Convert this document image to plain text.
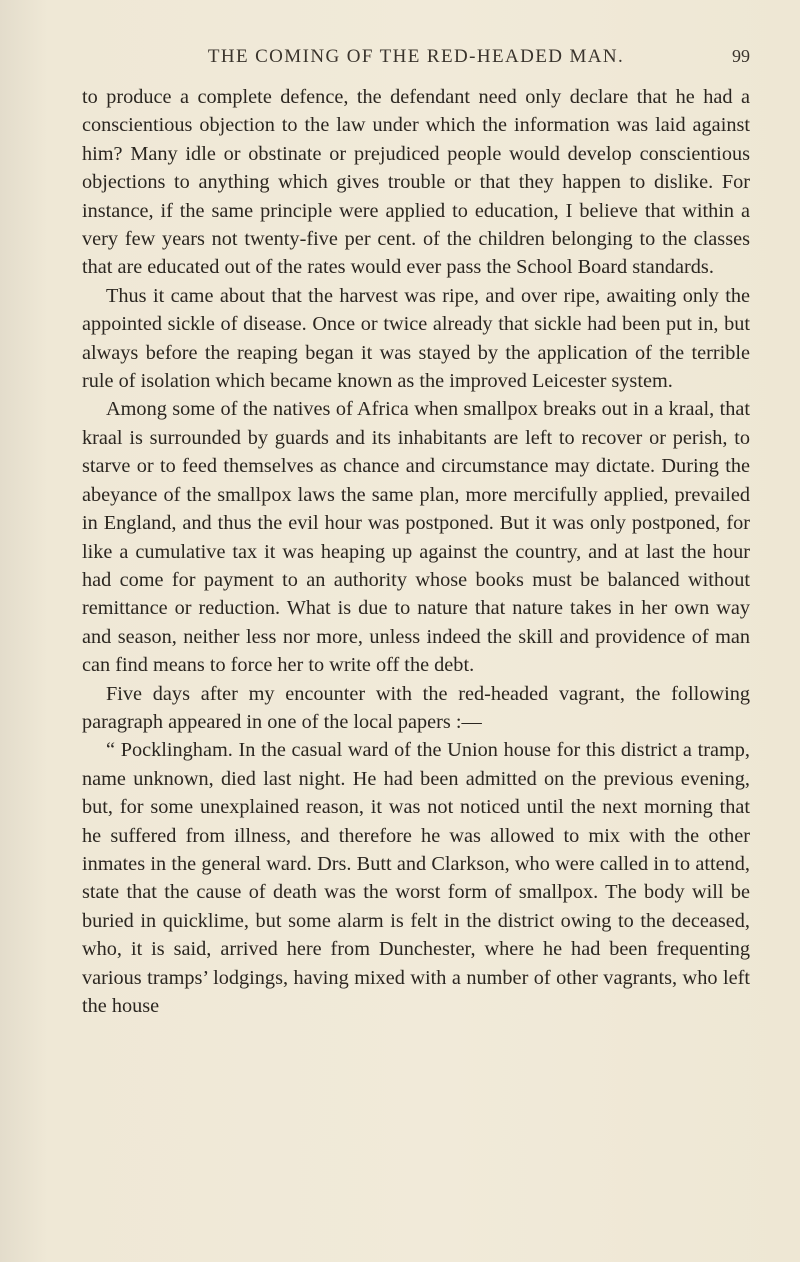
THE COMING OF THE RED-HEADED MAN.	99

to produce a complete defence, the defendant need only declare that he had a conscientious objection to the law under which the information was laid against him? Many idle or obstinate or prejudiced people would develop conscientious objections to anything which gives trouble or that they happen to dislike. For instance, if the same principle were applied to education, I believe that within a very few years not twenty-five per cent. of the children belonging to the classes that are educated out of the rates would ever pass the School Board standards.

Thus it came about that the harvest was ripe, and over ripe, awaiting only the appointed sickle of disease. Once or twice already that sickle had been put in, but always before the reaping began it was stayed by the application of the terrible rule of isolation which became known as the improved Leicester system.

Among some of the natives of Africa when smallpox breaks out in a kraal, that kraal is surrounded by guards and its inhabitants are left to recover or perish, to starve or to feed themselves as chance and circumstance may dictate. During the abeyance of the smallpox laws the same plan, more mercifully applied, prevailed in England, and thus the evil hour was postponed. But it was only postponed, for like a cumulative tax it was heaping up against the country, and at last the hour had come for payment to an authority whose books must be balanced without remittance or reduction. What is due to nature that nature takes in her own way and season, neither less nor more, unless indeed the skill and providence of man can find means to force her to write off the debt.

Five days after my encounter with the red-headed vagrant, the following paragraph appeared in one of the local papers :—

“ Pocklingham. In the casual ward of the Union house for this district a tramp, name unknown, died last night. He had been admitted on the previous evening, but, for some unexplained reason, it was not noticed until the next morning that he suffered from illness, and therefore he was allowed to mix with the other inmates in the general ward. Drs. Butt and Clarkson, who were called in to attend, state that the cause of death was the worst form of smallpox. The body will be buried in quicklime, but some alarm is felt in the district owing to the deceased, who, it is said, arrived here from Dunchester, where he had been frequenting various tramps’ lodgings, having mixed with a number of other vagrants, who left the house
